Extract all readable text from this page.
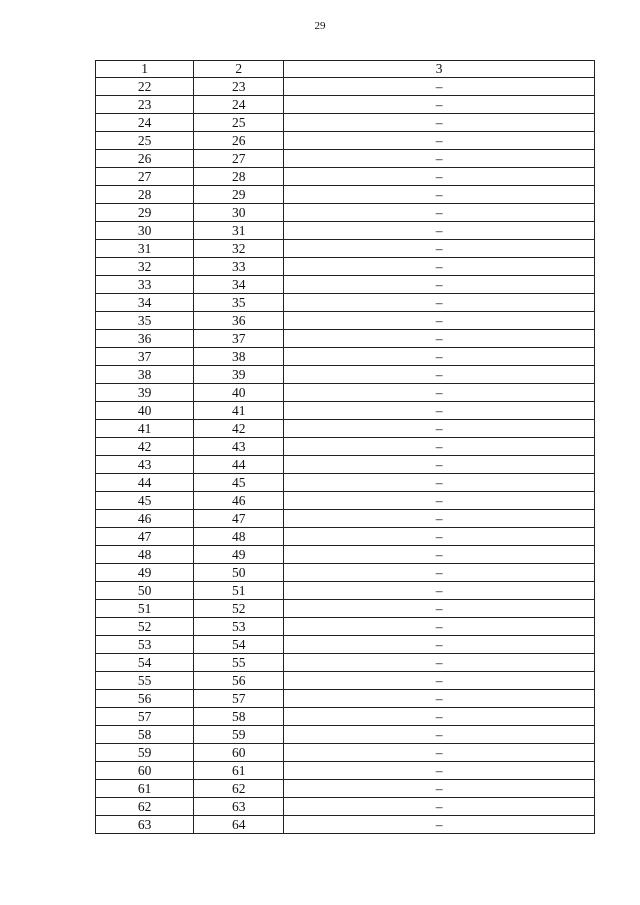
29
1	2	3
22	23	–
23	24	–
24	25	–
25	26	–
26	27	–
27	28	–
28	29	–
29	30	–
30	31	–
31	32	–
32	33	–
33	34	–
34	35	–
35	36	–
36	37	–
37	38	–
38	39	–
39	40	–
40	41	–
41	42	–
42	43	–
43	44	–
44	45	–
45	46	–
46	47	–
47	48	–
48	49	–
49	50	–
50	51	–
51	52	–
52	53	–
53	54	–
54	55	–
55	56	–
56	57	–
57	58	–
58	59	–
59	60	–
60	61	–
61	62	–
62	63	–
63	64	–
